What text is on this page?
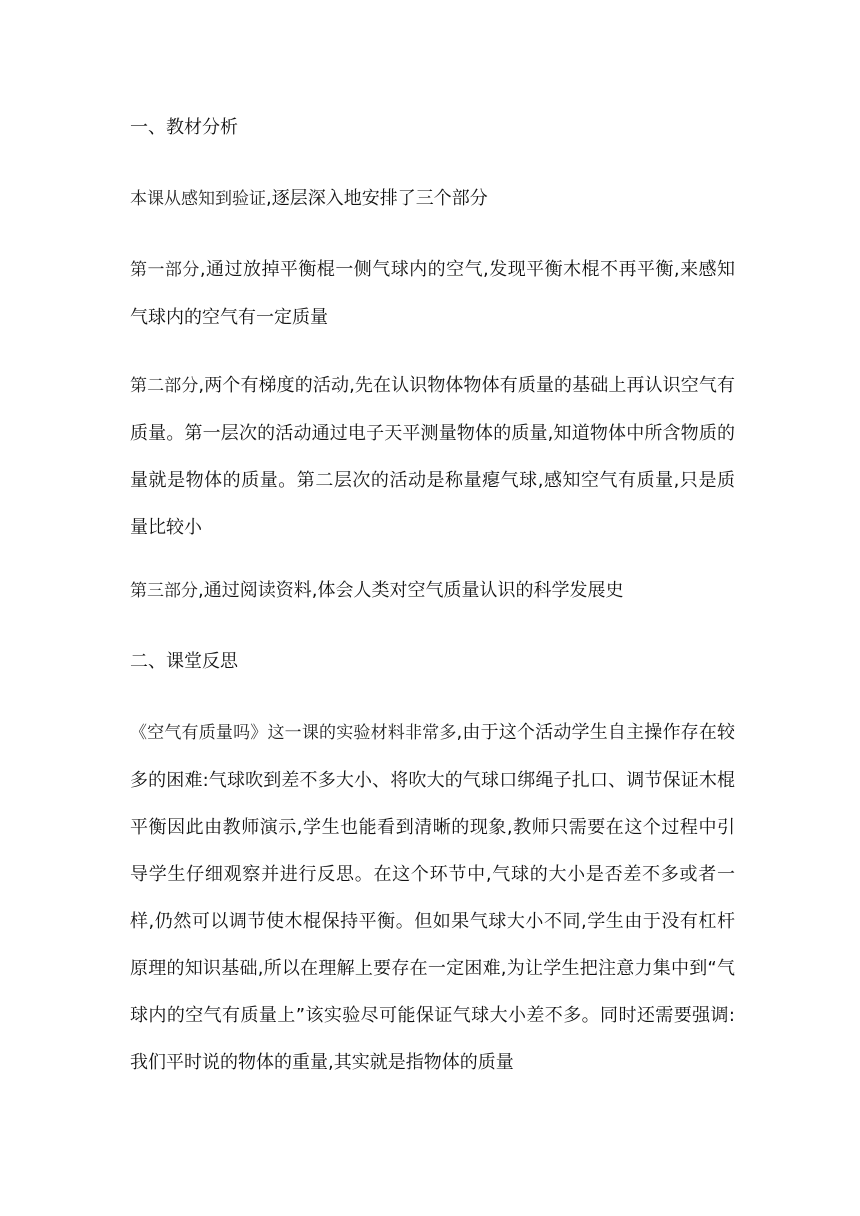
一、教材分析

本课从感知到验证,逐层深入地安排了三个部分

第一部分,通过放掉平衡棍一侧气球内的空气,发现平衡木棍不再平衡,来感知气球内的空气有一定质量

第二部分,两个有梯度的活动,先在认识物体物体有质量的基础上再认识空气有质量。第一层次的活动通过电子天平测量物体的质量,知道物体中所含物质的量就是物体的质量。第二层次的活动是称量瘪气球,感知空气有质量,只是质量比较小

第三部分,通过阅读资料,体会人类对空气质量认识的科学发展史

二、课堂反思

《空气有质量吗》这一课的实验材料非常多,由于这个活动学生自主操作存在较多的困难:气球吹到差不多大小、将吹大的气球口绑绳子扎口、调节保证木棍平衡因此由教师演示,学生也能看到清晰的现象,教师只需要在这个过程中引导学生仔细观察并进行反思。在这个环节中,气球的大小是否差不多或者一样,仍然可以调节使木棍保持平衡。但如果气球大小不同,学生由于没有杠杆原理的知识基础,所以在理解上要存在一定困难,为让学生把注意力集中到“气球内的空气有质量上”该实验尽可能保证气球大小差不多。同时还需要强调:我们平时说的物体的重量,其实就是指物体的质量
